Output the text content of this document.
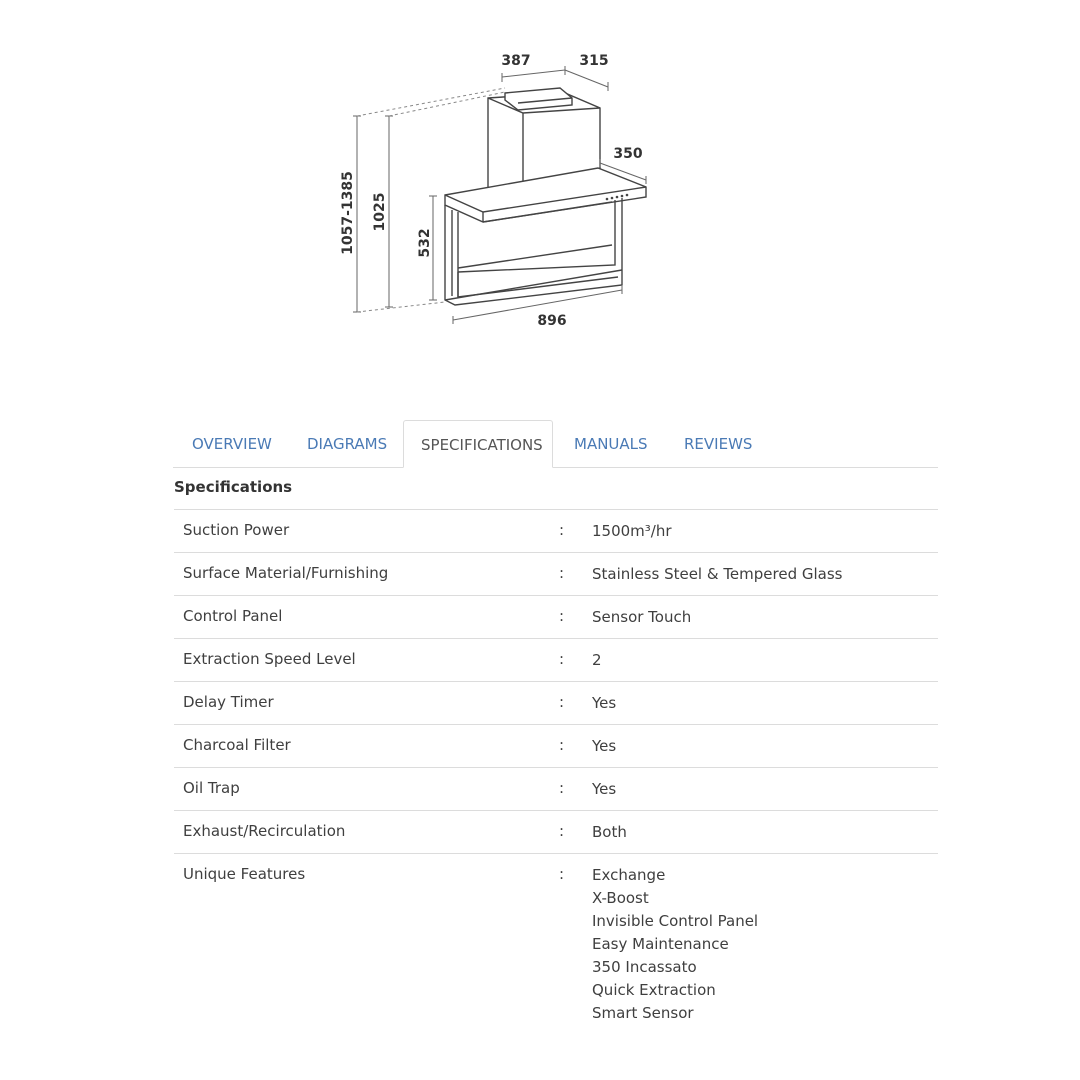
387	315
350
896
1057-1385 1025
532
OVERVIEW DIAGRAMS	SPECIFICATIONS	MANUALS REVIEWS
Specifications
Suction Power	: 1500m³/hr
Surface Material/Furnishing	: Stainless Steel & Tempered Glass
Control Panel	: Sensor Touch
Extraction Speed Level	: 2
Delay Timer	: Yes
Charcoal Filter	: Yes
Oil Trap	: Yes
Exhaust/Recirculation	: Both
Unique Features	: Exchange
X-Boost
Invisible Control Panel
Easy Maintenance
350 Incassato
Quick Extraction
Smart Sensor
